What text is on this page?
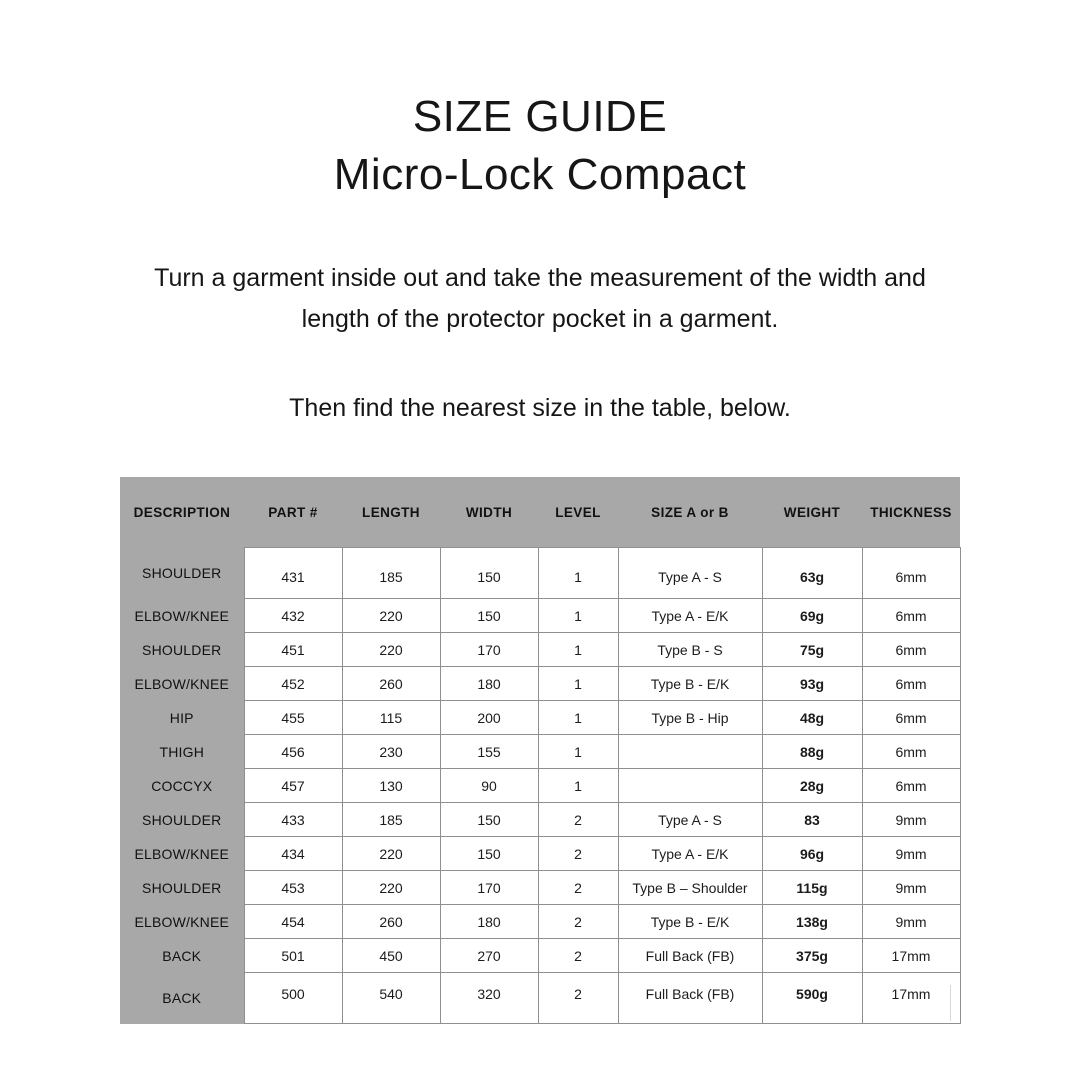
SIZE GUIDE
Micro-Lock Compact
Turn a garment inside out and take the measurement of the width and length of the protector pocket in a garment.
Then find the nearest size in the table, below.
DESCRIPTION	PART #	LENGTH	WIDTH	LEVEL	SIZE A or B	WEIGHT	THICKNESS
SHOULDER	431	185	150	1	Type A - S	63g	6mm
ELBOW/KNEE	432	220	150	1	Type A - E/K	69g	6mm
SHOULDER	451	220	170	1	Type B - S	75g	6mm
ELBOW/KNEE	452	260	180	1	Type B - E/K	93g	6mm
HIP	455	115	200	1	Type B - Hip	48g	6mm
THIGH	456	230	155	1		88g	6mm
COCCYX	457	130	90	1		28g	6mm
SHOULDER	433	185	150	2	Type A - S	83	9mm
ELBOW/KNEE	434	220	150	2	Type A - E/K	96g	9mm
SHOULDER	453	220	170	2	Type B – Shoulder	115g	9mm
ELBOW/KNEE	454	260	180	2	Type B - E/K	138g	9mm
BACK	501	450	270	2	Full Back (FB)	375g	17mm
BACK	500	540	320	2	Full Back (FB)	590g	17mm
